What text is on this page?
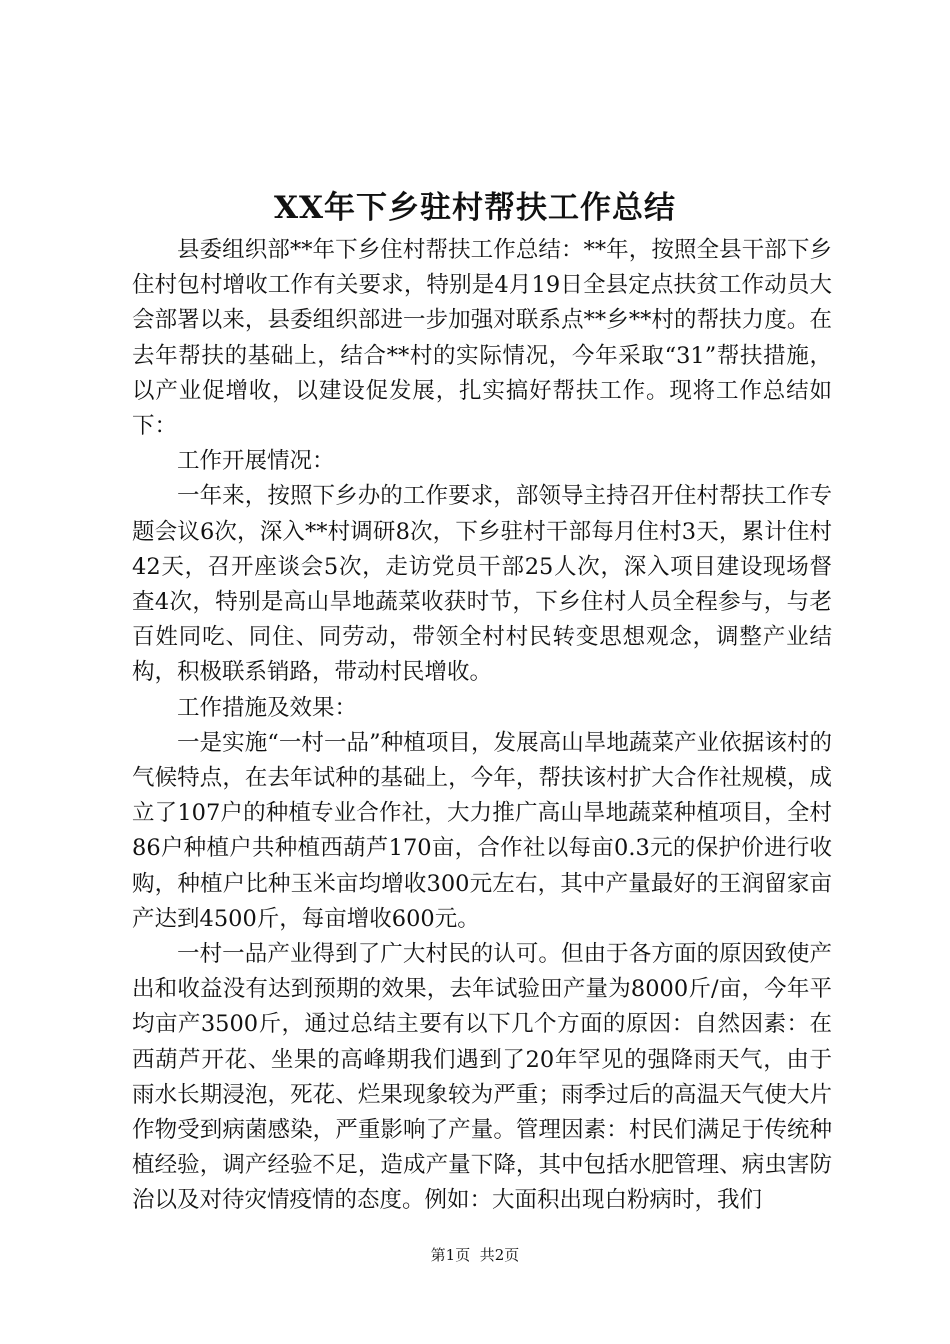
XX年下乡驻村帮扶工作总结

县委组织部**年下乡住村帮扶工作总结：**年，按照全县干部下乡住村包村增收工作有关要求，特别是4月19日全县定点扶贫工作动员大会部署以来，县委组织部进一步加强对联系点**乡**村的帮扶力度。在去年帮扶的基础上，结合**村的实际情况，今年采取“31”帮扶措施，以产业促增收，以建设促发展，扎实搞好帮扶工作。现将工作总结如下：

工作开展情况：

一年来，按照下乡办的工作要求，部领导主持召开住村帮扶工作专题会议6次，深入**村调研8次，下乡驻村干部每月住村3天，累计住村42天，召开座谈会5次，走访党员干部25人次，深入项目建设现场督查4次，特别是高山旱地蔬菜收获时节，下乡住村人员全程参与，与老百姓同吃、同住、同劳动，带领全村村民转变思想观念，调整产业结构，积极联系销路，带动村民增收。

工作措施及效果：

一是实施“一村一品”种植项目，发展高山旱地蔬菜产业依据该村的气候特点，在去年试种的基础上，今年，帮扶该村扩大合作社规模，成立了107户的种植专业合作社，大力推广高山旱地蔬菜种植项目，全村86户种植户共种植西葫芦170亩，合作社以每亩0.3元的保护价进行收购，种植户比种玉米亩均增收300元左右，其中产量最好的王润留家亩产达到4500斤，每亩增收600元。

一村一品产业得到了广大村民的认可。但由于各方面的原因致使产出和收益没有达到预期的效果，去年试验田产量为8000斤/亩，今年平均亩产3500斤，通过总结主要有以下几个方面的原因：自然因素：在西葫芦开花、坐果的高峰期我们遇到了20年罕见的强降雨天气，由于雨水长期浸泡，死花、烂果现象较为严重；雨季过后的高温天气使大片作物受到病菌感染，严重影响了产量。管理因素：村民们满足于传统种植经验，调产经验不足，造成产量下降，其中包括水肥管理、病虫害防治以及对待灾情疫情的态度。例如：大面积出现白粉病时，我们

第1页 共2页
